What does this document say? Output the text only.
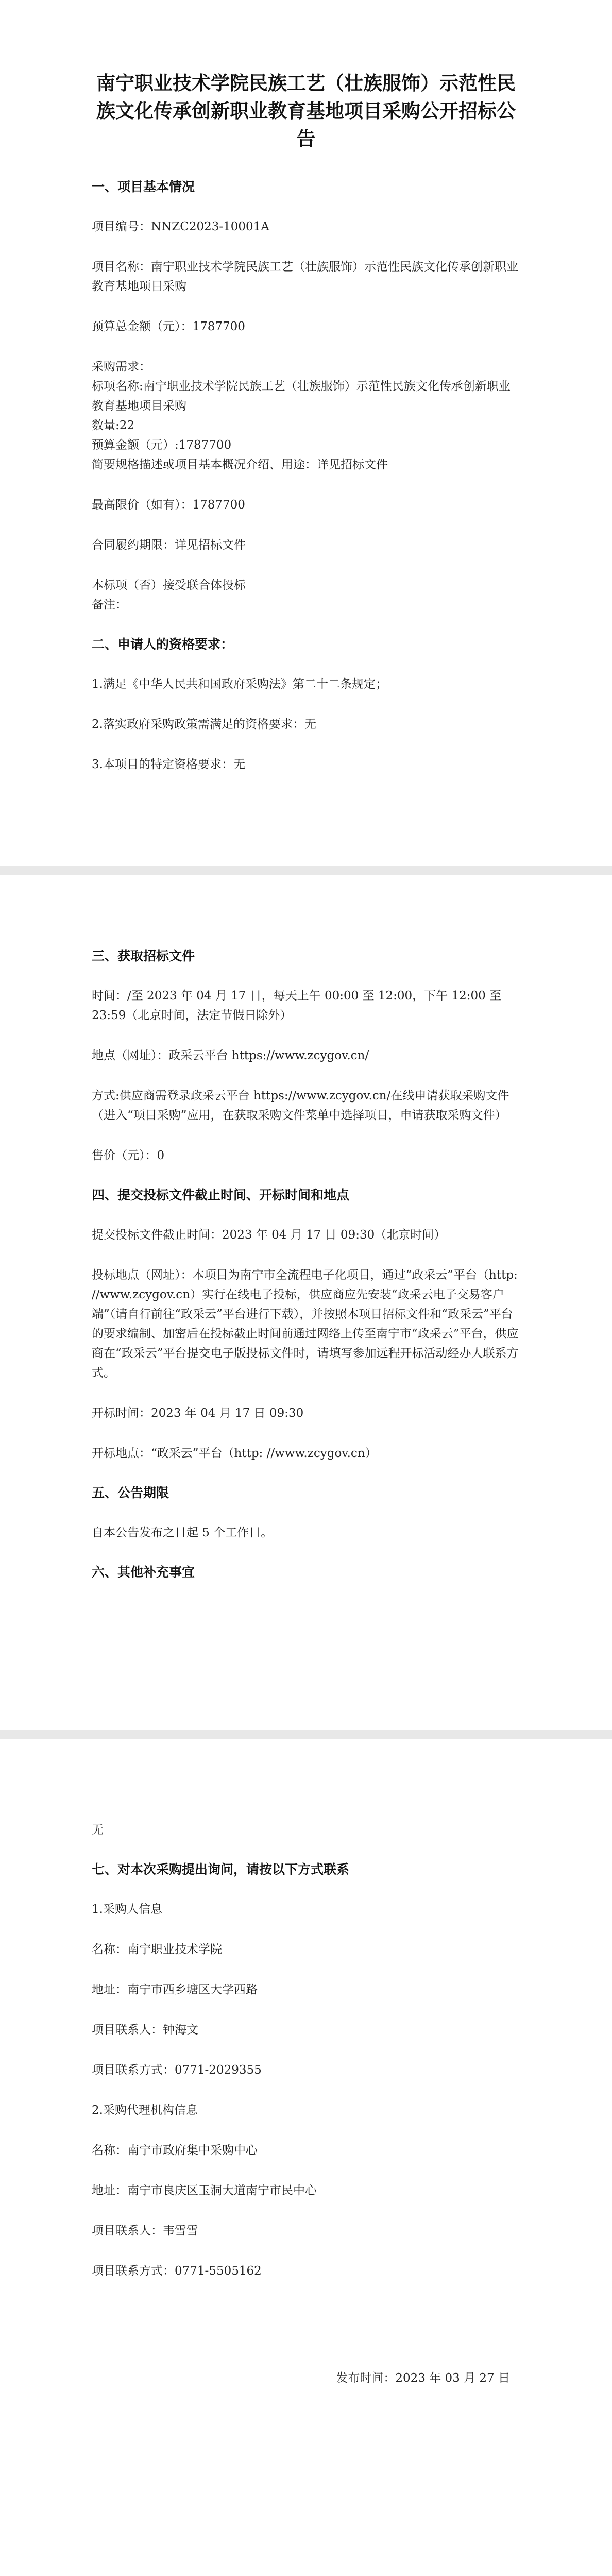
南宁职业技术学院民族工艺（壮族服饰）示范性民族文化传承创新职业教育基地项目采购公开招标公告
一、项目基本情况

项目编号：NNZC2023-10001A

项目名称：南宁职业技术学院民族工艺（壮族服饰）示范性民族文化传承创新职业教育基地项目采购

预算总金额（元）：1787700

采购需求：

标项名称:南宁职业技术学院民族工艺（壮族服饰）示范性民族文化传承创新职业教育基地项目采购

数量:22

预算金额（元）:1787700

简要规格描述或项目基本概况介绍、用途：详见招标文件

最高限价（如有）：1787700

合同履约期限：详见招标文件

本标项（否）接受联合体投标

备注：

二、申请人的资格要求：

1.满足《中华人民共和国政府采购法》第二十二条规定；

2.落实政府采购政策需满足的资格要求：无

3.本项目的特定资格要求：无

三、获取招标文件

时间：/至 2023 年 04 月 17 日，每天上午 00:00 至 12:00，下午 12:00 至 23:59（北京时间，法定节假日除外）

地点（网址）：政采云平台 https://www.zcygov.cn/

方式:供应商需登录政采云平台 https://www.zcygov.cn/在线申请获取采购文件（进入“项目采购”应用，在获取采购文件菜单中选择项目，申请获取采购文件）

售价（元）：0

四、提交投标文件截止时间、开标时间和地点

提交投标文件截止时间：2023 年 04 月 17 日 09:30（北京时间）

投标地点（网址）：本项目为南宁市全流程电子化项目，通过“政采云”平台（http: //www.zcygov.cn）实行在线电子投标，供应商应先安装“政采云电子交易客户端”（请自行前往“政采云”平台进行下载），并按照本项目招标文件和“政采云”平台的要求编制、加密后在投标截止时间前通过网络上传至南宁市“政采云”平台，供应商在“政采云”平台提交电子版投标文件时，请填写参加远程开标活动经办人联系方式。

开标时间：2023 年 04 月 17 日 09:30

开标地点：“政采云”平台（http: //www.zcygov.cn）

五、公告期限

自本公告发布之日起 5 个工作日。

六、其他补充事宜

无

七、对本次采购提出询问，请按以下方式联系

1.采购人信息

名称：南宁职业技术学院

地址：南宁市西乡塘区大学西路

项目联系人：钟海文

项目联系方式：0771-2029355

2.采购代理机构信息

名称：南宁市政府集中采购中心

地址：南宁市良庆区玉洞大道南宁市民中心

项目联系人：韦雪雪

项目联系方式：0771-5505162

发布时间：2023 年 03 月 27 日
